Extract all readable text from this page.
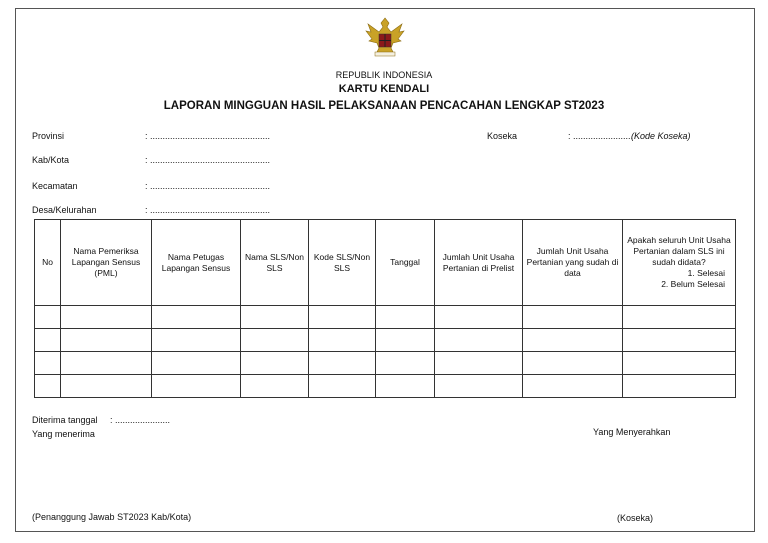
REPUBLIK INDONESIA
KARTU KENDALI
LAPORAN MINGGUAN HASIL PELAKSANAAN PENCACAHAN LENGKAP ST2023
Provinsi	: ................................................	Koseka	: ........................
(Kode Koseka)
Kab/Kota	: ................................................
Kecamatan	: ................................................
Desa/Kelurahan	: ................................................
No	Nama Pemeriksa Lapangan Sensus (PML)	Nama Petugas Lapangan Sensus	Nama SLS/Non SLS	Kode SLS/Non SLS	Tanggal	Jumlah Unit Usaha Pertanian di Prelist	Jumlah Unit Usaha Pertanian yang sudah di data	Apakah seluruh Unit Usaha Pertanian dalam SLS ini sudah didata?
1. Selesai
2. Belum Selesai

Diterima tanggal : ......................
Yang menerima	Yang Menyerahkan
(Penanggung Jawab ST2023 Kab/Kota)	(Koseka)
